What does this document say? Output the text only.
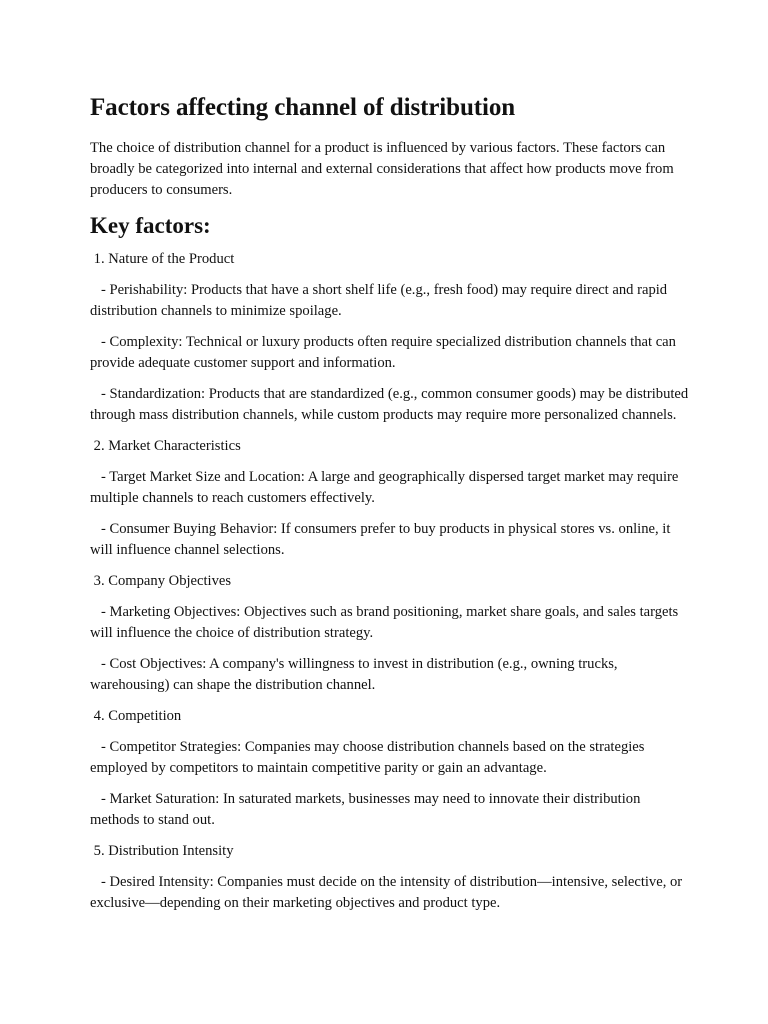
Factors affecting channel of distribution

The choice of distribution channel for a product is influenced by various factors. These factors can broadly be categorized into internal and external considerations that affect how products move from producers to consumers.

Key factors:

1. Nature of the Product

- Perishability: Products that have a short shelf life (e.g., fresh food) may require direct and rapid distribution channels to minimize spoilage.

- Complexity: Technical or luxury products often require specialized distribution channels that can provide adequate customer support and information.

- Standardization: Products that are standardized (e.g., common consumer goods) may be distributed through mass distribution channels, while custom products may require more personalized channels.

2. Market Characteristics

- Target Market Size and Location: A large and geographically dispersed target market may require multiple channels to reach customers effectively.

- Consumer Buying Behavior: If consumers prefer to buy products in physical stores vs. online, it will influence channel selections.

3. Company Objectives

- Marketing Objectives: Objectives such as brand positioning, market share goals, and sales targets will influence the choice of distribution strategy.

- Cost Objectives: A company's willingness to invest in distribution (e.g., owning trucks, warehousing) can shape the distribution channel.

4. Competition

- Competitor Strategies: Companies may choose distribution channels based on the strategies employed by competitors to maintain competitive parity or gain an advantage.

- Market Saturation: In saturated markets, businesses may need to innovate their distribution methods to stand out.

5. Distribution Intensity

- Desired Intensity: Companies must decide on the intensity of distribution—intensive, selective, or exclusive—depending on their marketing objectives and product type.
